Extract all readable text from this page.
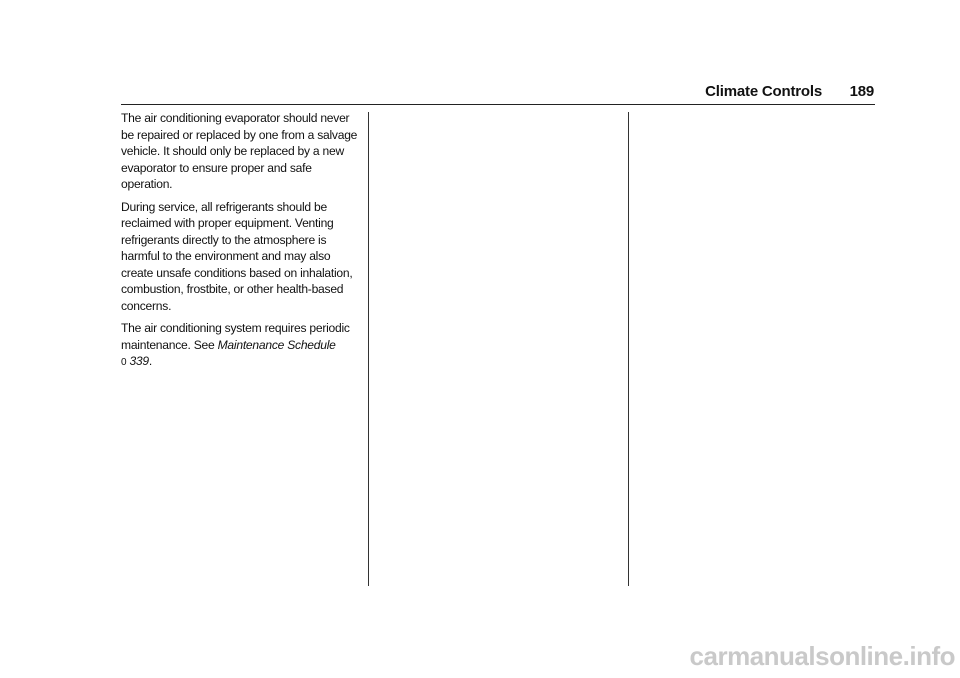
Climate Controls 189

The air conditioning evaporator should never be repaired or replaced by one from a salvage vehicle. It should only be replaced by a new evaporator to ensure proper and safe operation.

During service, all refrigerants should be reclaimed with proper equipment. Venting refrigerants directly to the atmosphere is harmful to the environment and may also create unsafe conditions based on inhalation, combustion, frostbite, or other health-based concerns.

The air conditioning system requires periodic maintenance. See Maintenance Schedule
0 339.

carmanualsonline.info
